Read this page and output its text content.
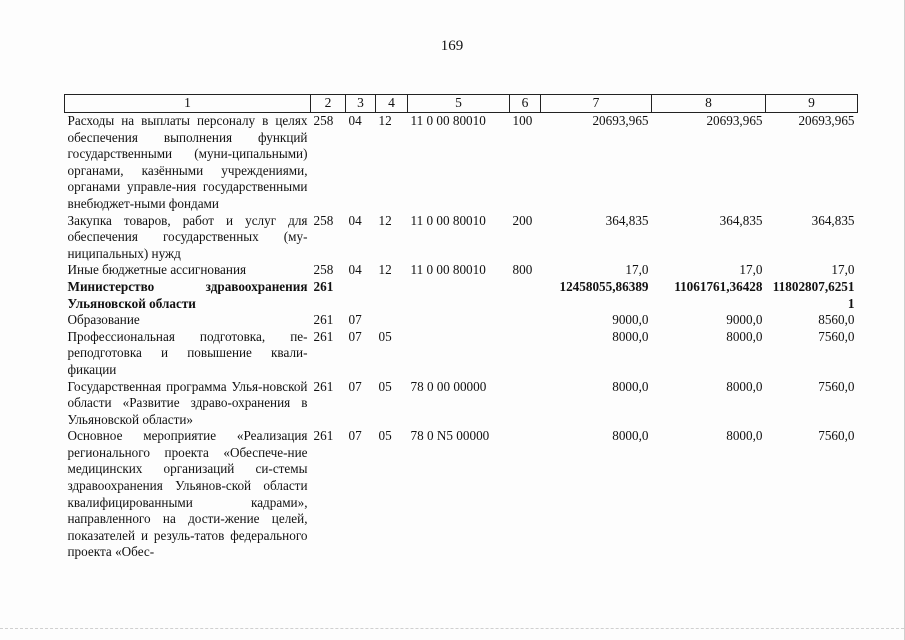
169
1	2	3	4	5	6	7	8	9
Расходы на выплаты персоналу в целях обеспечения выполнения функций государственными (муни-ципальными) органами, казёнными учреждениями, органами управле-ния государственными внебюджет-ными фондами	258	04	12	11 0 00 80010	100	20693,965	20693,965	20693,965
Закупка товаров, работ и услуг для обеспечения государственных (му-ниципальных) нужд	258	04	12	11 0 00 80010	200	364,835	364,835	364,835
Иные бюджетные ассигнования	258	04	12	11 0 00 80010	800	17,0	17,0	17,0
Министерство здравоохранения Ульяновской области	261					12458055,86389	11061761,36428	11802807,6251 1
Образование	261	07				9000,0	9000,0	8560,0
Профессиональная подготовка, пе-реподготовка и повышение квали-фикации	261	07	05			8000,0	8000,0	7560,0
Государственная программа Улья-новской области «Развитие здраво-охранения в Ульяновской области»	261	07	05	78 0 00 00000		8000,0	8000,0	7560,0
Основное мероприятие «Реализация регионального проекта «Обеспече-ние медицинских организаций си-стемы здравоохранения Ульянов-ской области квалифицированными кадрами», направленного на дости-жение целей, показателей и резуль-татов федерального проекта «Обес-	261	07	05	78 0 N5 00000		8000,0	8000,0	7560,0
